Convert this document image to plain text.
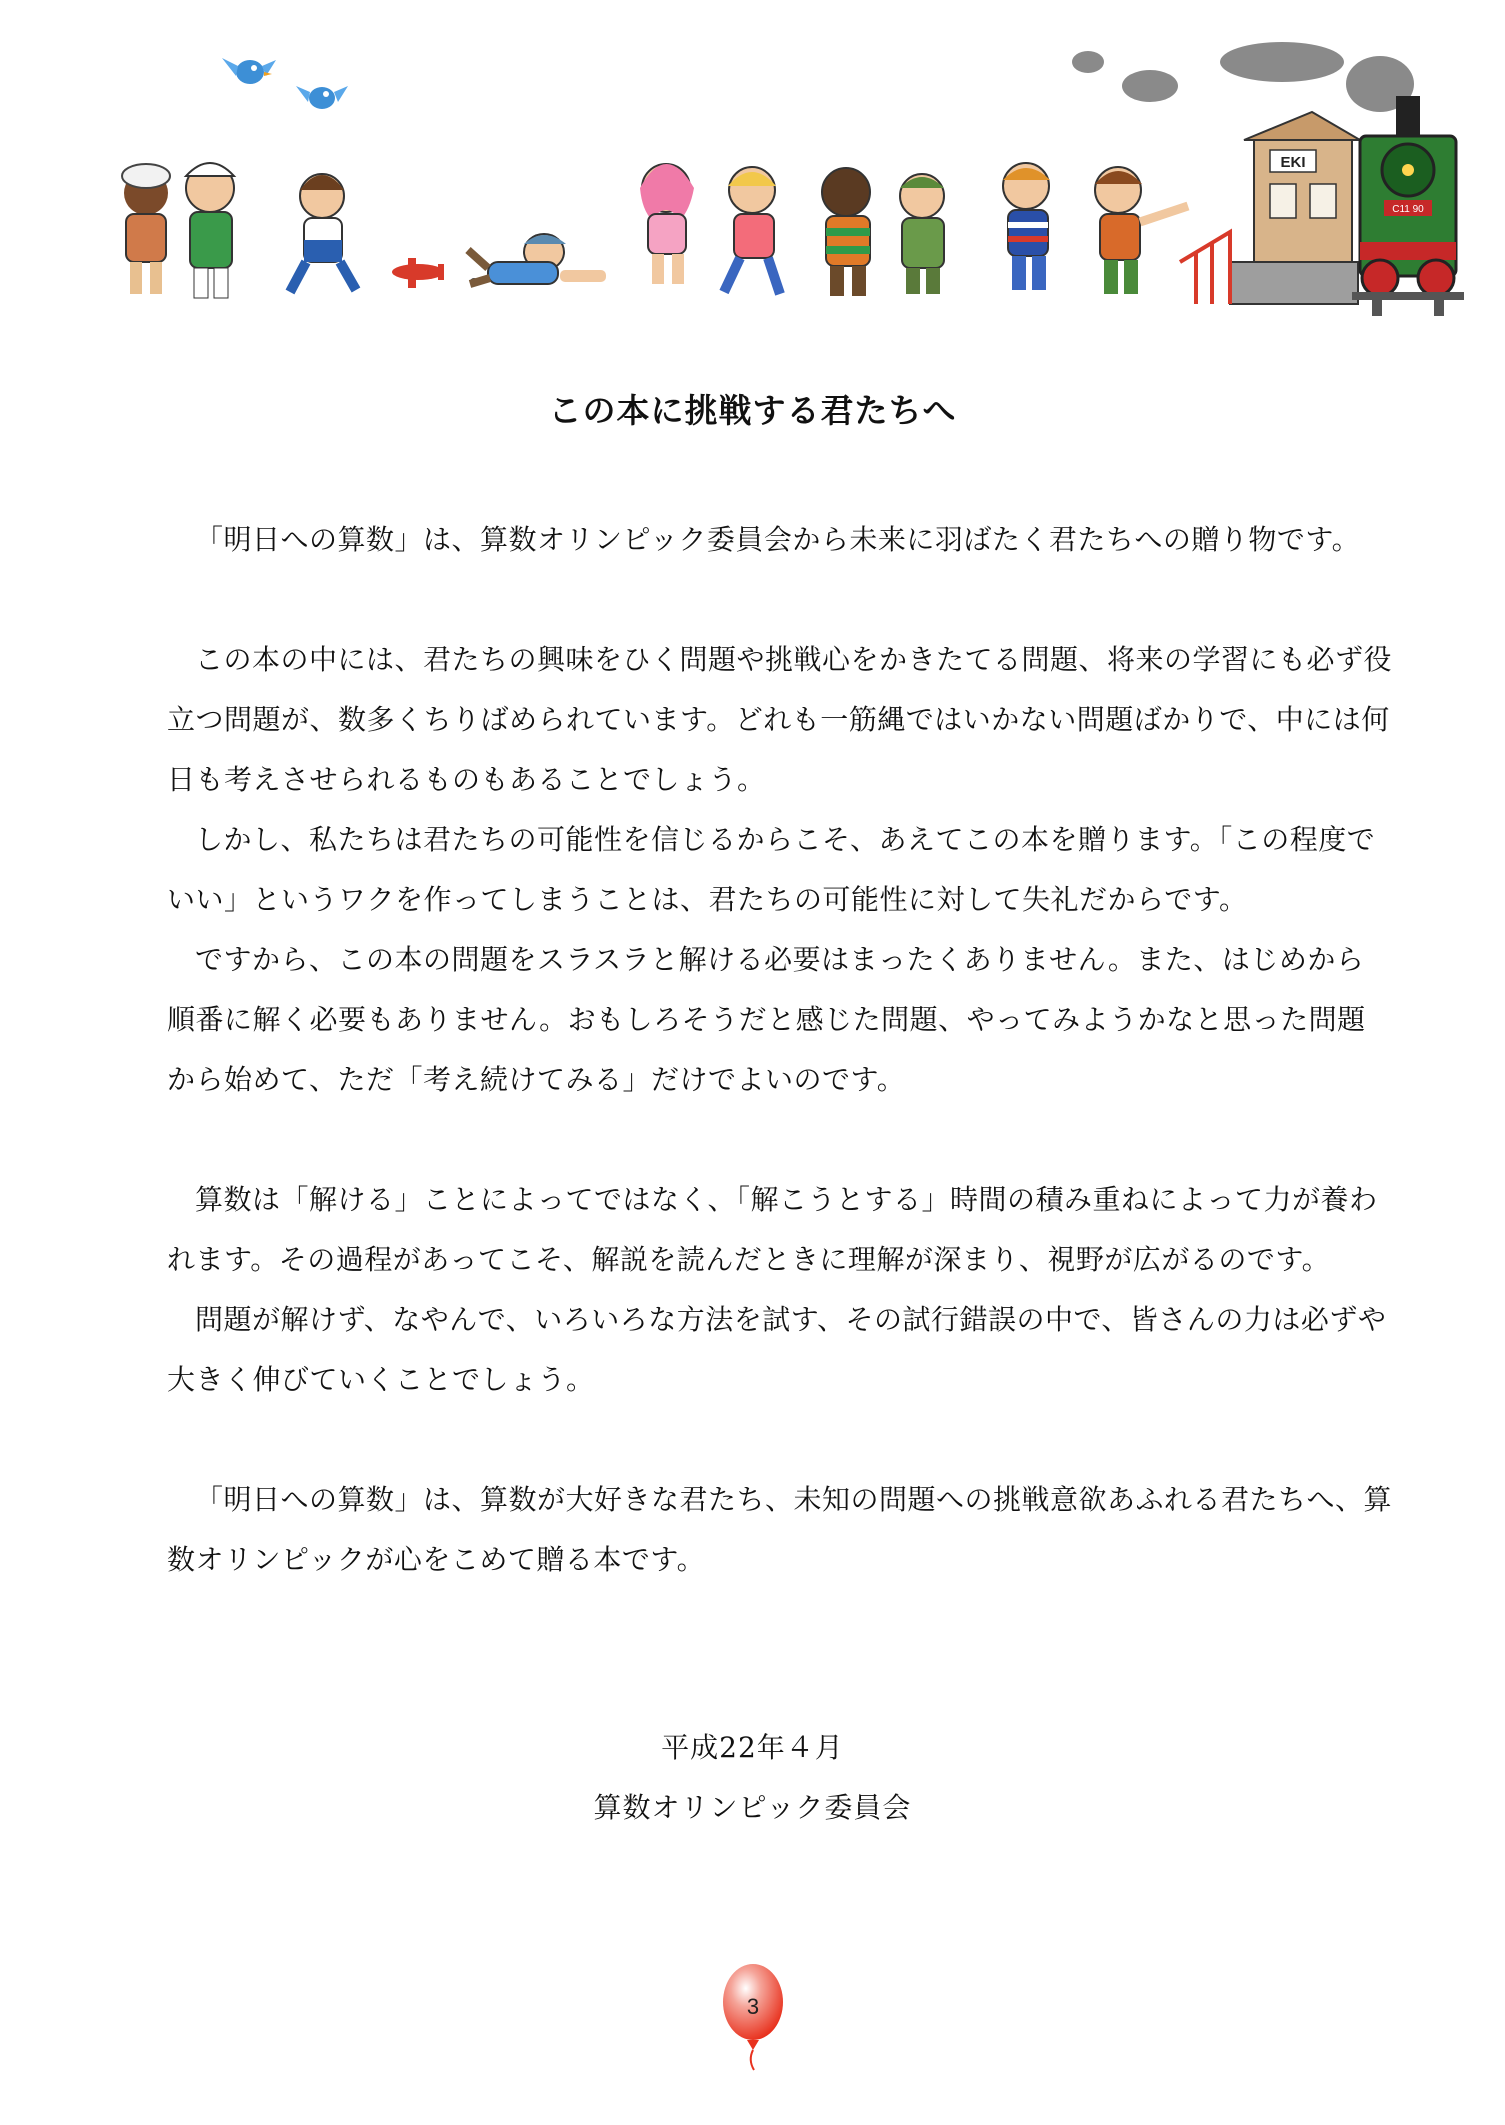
EKI
C11 90
この本に挑戦する君たちへ

「明日への算数」は、算数オリンピック委員会から未来に羽ばたく君たちへの贈り物です。

この本の中には、君たちの興味をひく問題や挑戦心をかきたてる問題、将来の学習にも必ず役立つ問題が、数多くちりばめられています。どれも一筋縄ではいかない問題ばかりで、中には何日も考えさせられるものもあることでしょう。

しかし、私たちは君たちの可能性を信じるからこそ、あえてこの本を贈ります。「この程度でいい」というワクを作ってしまうことは、君たちの可能性に対して失礼だからです。

ですから、この本の問題をスラスラと解ける必要はまったくありません。また、はじめから順番に解く必要もありません。おもしろそうだと感じた問題、やってみようかなと思った問題から始めて、ただ「考え続けてみる」だけでよいのです。

算数は「解ける」ことによってではなく、「解こうとする」時間の積み重ねによって力が養われます。その過程があってこそ、解説を読んだときに理解が深まり、視野が広がるのです。

問題が解けず、なやんで、いろいろな方法を試す、その試行錯誤の中で、皆さんの力は必ずや大きく伸びていくことでしょう。

「明日への算数」は、算数が大好きな君たち、未知の問題への挑戦意欲あふれる君たちへ、算数オリンピックが心をこめて贈る本です。

平成22年４月
算数オリンピック委員会
3
